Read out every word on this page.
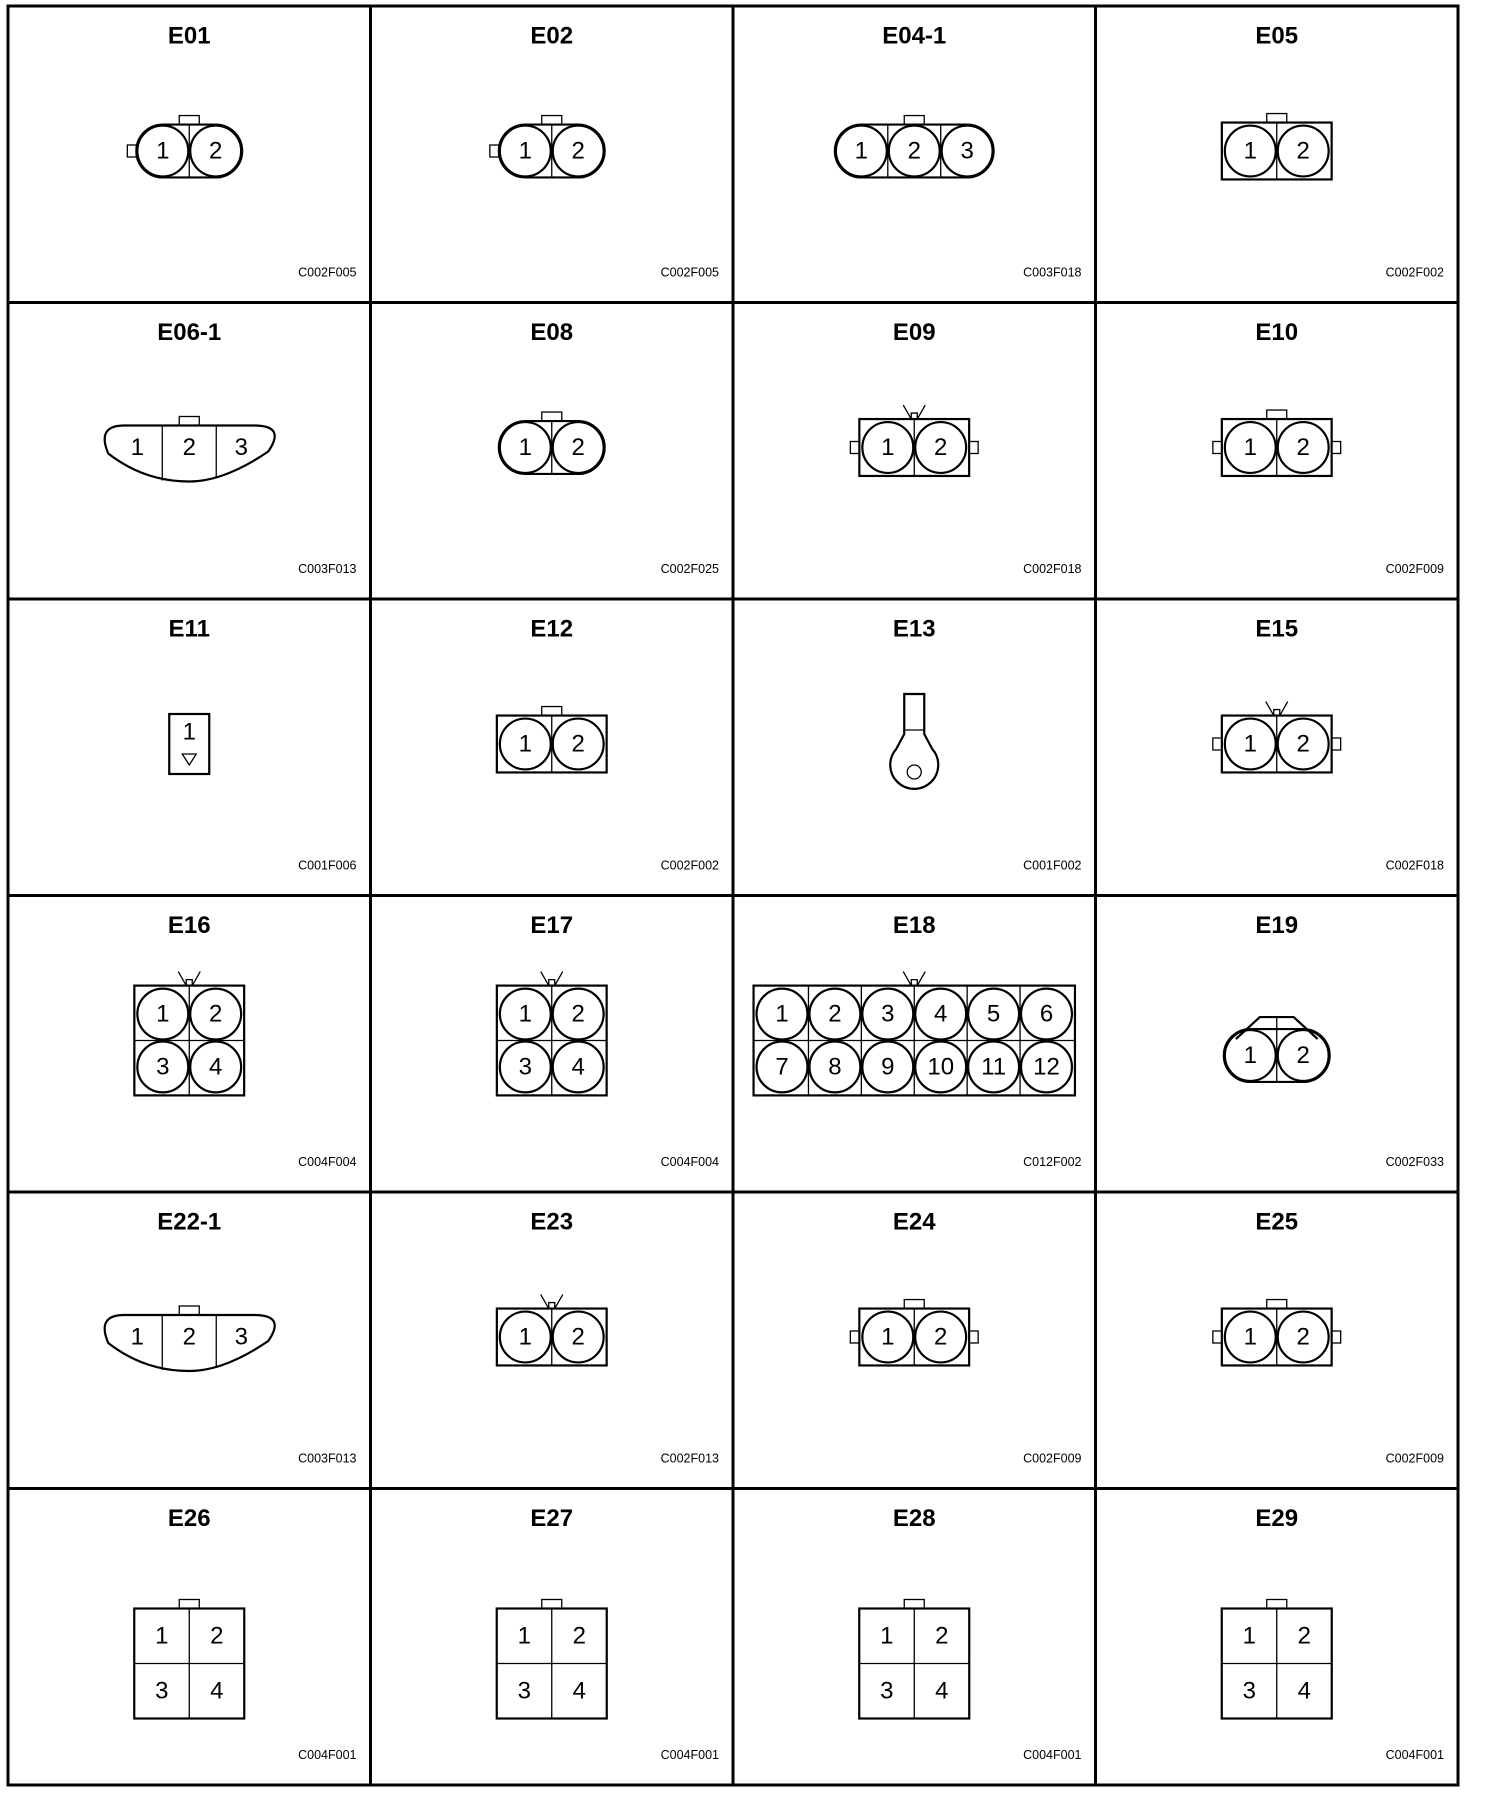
E01
C002F005
1 2
E02
C002F005
1 2
E04-1
C003F018
1 2 3
E05
C002F002
1 2
E06-1
C003F013
1 2 3
E08
C002F025
1 2
E09
C002F018
1 2
E10
C002F009
1 2
E11
C001F006
1
E12
C002F002
1 2
E13
C001F002
E15
C002F018
1 2
E16
C004F004
1 2
3 4
E17
C004F004
1 2
3 4
E18
C012F002
1 2 3 4 5 6
7 8 9 10 11 12
E19
C002F033
1 2
E22-1
C003F013
1 2 3
E23
C002F013
1 2
E24
C002F009
1 2
E25
C002F009
1 2
E26
C004F001
1 2
3 4
E27
C004F001
1 2
3 4
E28
C004F001
1 2
3 4
E29
C004F001
1 2
3 4
